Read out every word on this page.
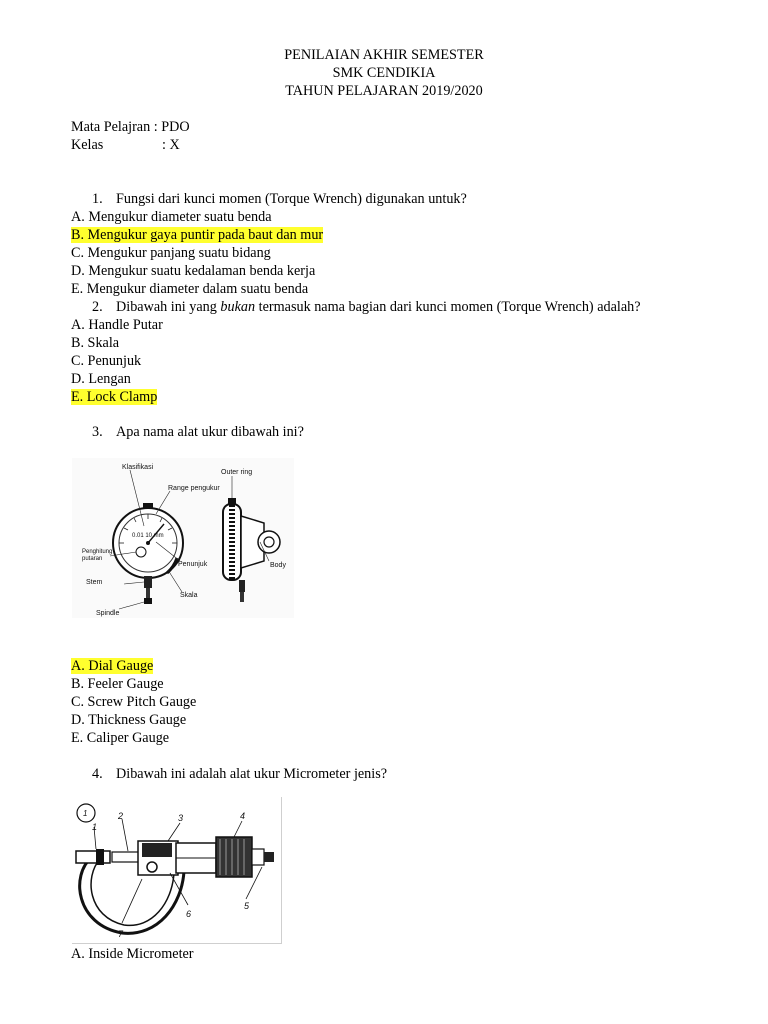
PENILAIAN AKHIR SEMESTER
SMK CENDIKIA
TAHUN PELAJARAN 2019/2020
Mata Pelajran : PDO
Kelas	: X
1. Fungsi dari kunci momen (Torque Wrench) digunakan untuk?
A. Mengukur diameter suatu benda
B. Mengukur gaya puntir pada baut dan mur
C. Mengukur panjang suatu bidang
D. Mengukur suatu kedalaman benda kerja
E. Mengukur diameter dalam suatu benda
2. Dibawah ini yang bukan termasuk nama bagian dari kunci momen (Torque Wrench) adalah?
A. Handle Putar
B. Skala
C. Penunjuk
D. Lengan
E. Lock Clamp
3. Apa nama alat ukur dibawah ini?
Klasifikasi
Outer ring
Range pengukur
0.01 10 mm
Penghitung
putaran
Penunjuk	Body
Stem
Skala
Spindle
A. Dial Gauge
B. Feeler Gauge
C. Screw Pitch Gauge
D. Thickness Gauge
E. Caliper Gauge
4. Dibawah ini adalah alat ukur Micrometer jenis?
1
1
2	3	4
5
6
7
A. Inside Micrometer
